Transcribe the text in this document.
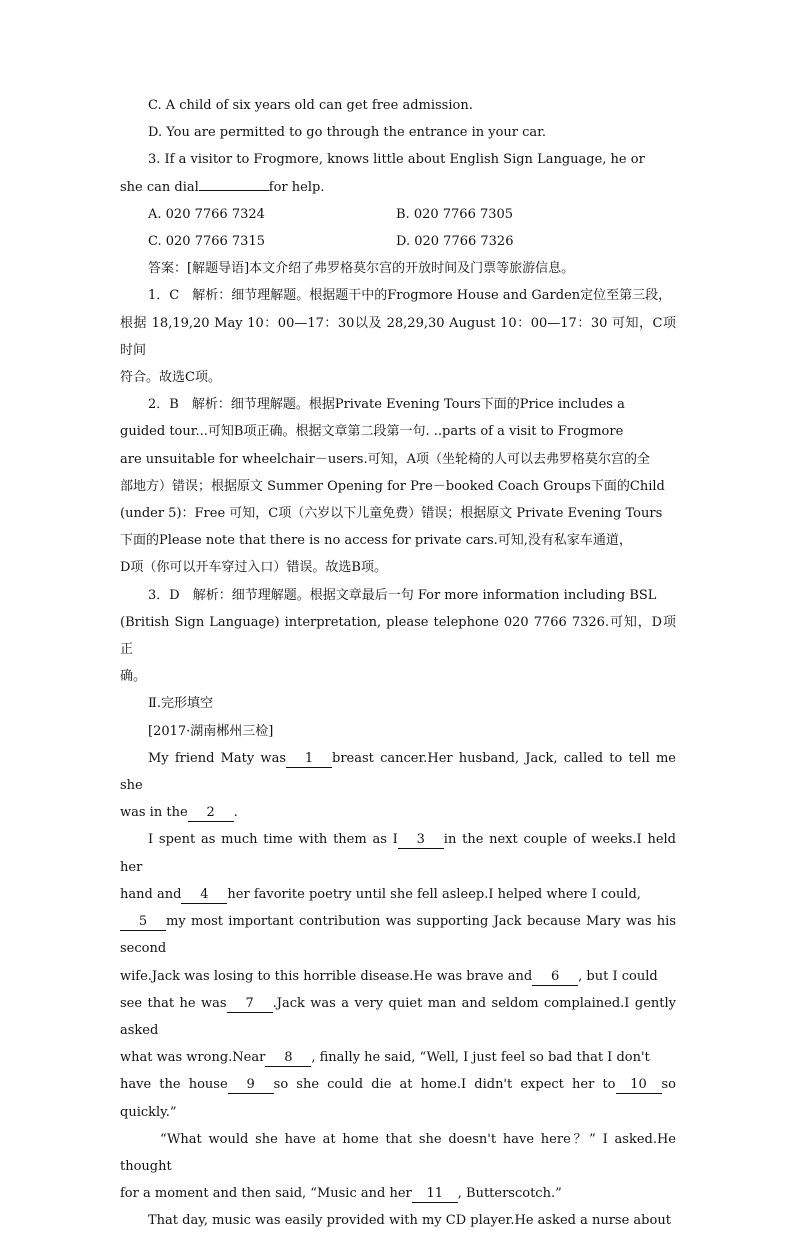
C. A child of six years old can get free admission.

D. You are permitted to go through the entrance in your car.

3. If a visitor to Frogmore, knows little about English Sign Language, he or

she can dial	for help.

A. 020 7766 7324	B. 020 7766 7305

C. 020 7766 7315	D. 020 7766 7326

答案：[解题导语]本文介绍了弗罗格莫尔宫的开放时间及门票等旅游信息。

1．C　解析：细节理解题。根据题干中的Frogmore House and Garden定位至第三段，

根据 18,19,20 May 10：00—17：30以及 28,29,30 August 10：00—17：30 可知，C项时间

符合。故选C项。

2．B　解析：细节理解题。根据Private Evening Tours下面的Price includes a

guided tour...可知B项正确。根据文章第二段第一句. ..parts of a visit to Frogmore

are unsuitable for wheelchair－users.可知，A项（坐轮椅的人可以去弗罗格莫尔宫的全

部地方）错误；根据原文 Summer Opening for Pre－booked Coach Groups下面的Child

(under 5)：Free 可知，C项（六岁以下儿童免费）错误；根据原文 Private Evening Tours

下面的Please note that there is no access for private cars.可知,没有私家车通道，

D项（你可以开车穿过入口）错误。故选B项。

3．D　解析：细节理解题。根据文章最后一句 For more information including BSL

(British Sign Language) interpretation, please telephone 020 7766 7326.可知，D项正

确。

Ⅱ.完形填空

[2017·湖南郴州三检]

My friend Maty was 1 breast cancer.Her husband, Jack, called to tell me she

was in the 2 .

I spent as much time with them as I 3 in the next couple of weeks.I held her

hand and 4 her favorite poetry until she fell asleep.I helped where I could,

5 my most important contribution was supporting Jack because Mary was his second

wife.Jack was losing to this horrible disease.He was brave and 6 , but I could

see that he was 7 .Jack was a very quiet man and seldom complained.I gently asked

what was wrong.Near 8 , finally he said, “Well, I just feel so bad that I don't

have the house 9 so she could die at home.I didn't expect her to 10 so quickly.”

“What would she have at home that she doesn't have here？” I asked.He thought

for a moment and then said, “Music and her 11 , Butterscotch.”

That day, music was easily provided with my CD player.He asked a nurse about
